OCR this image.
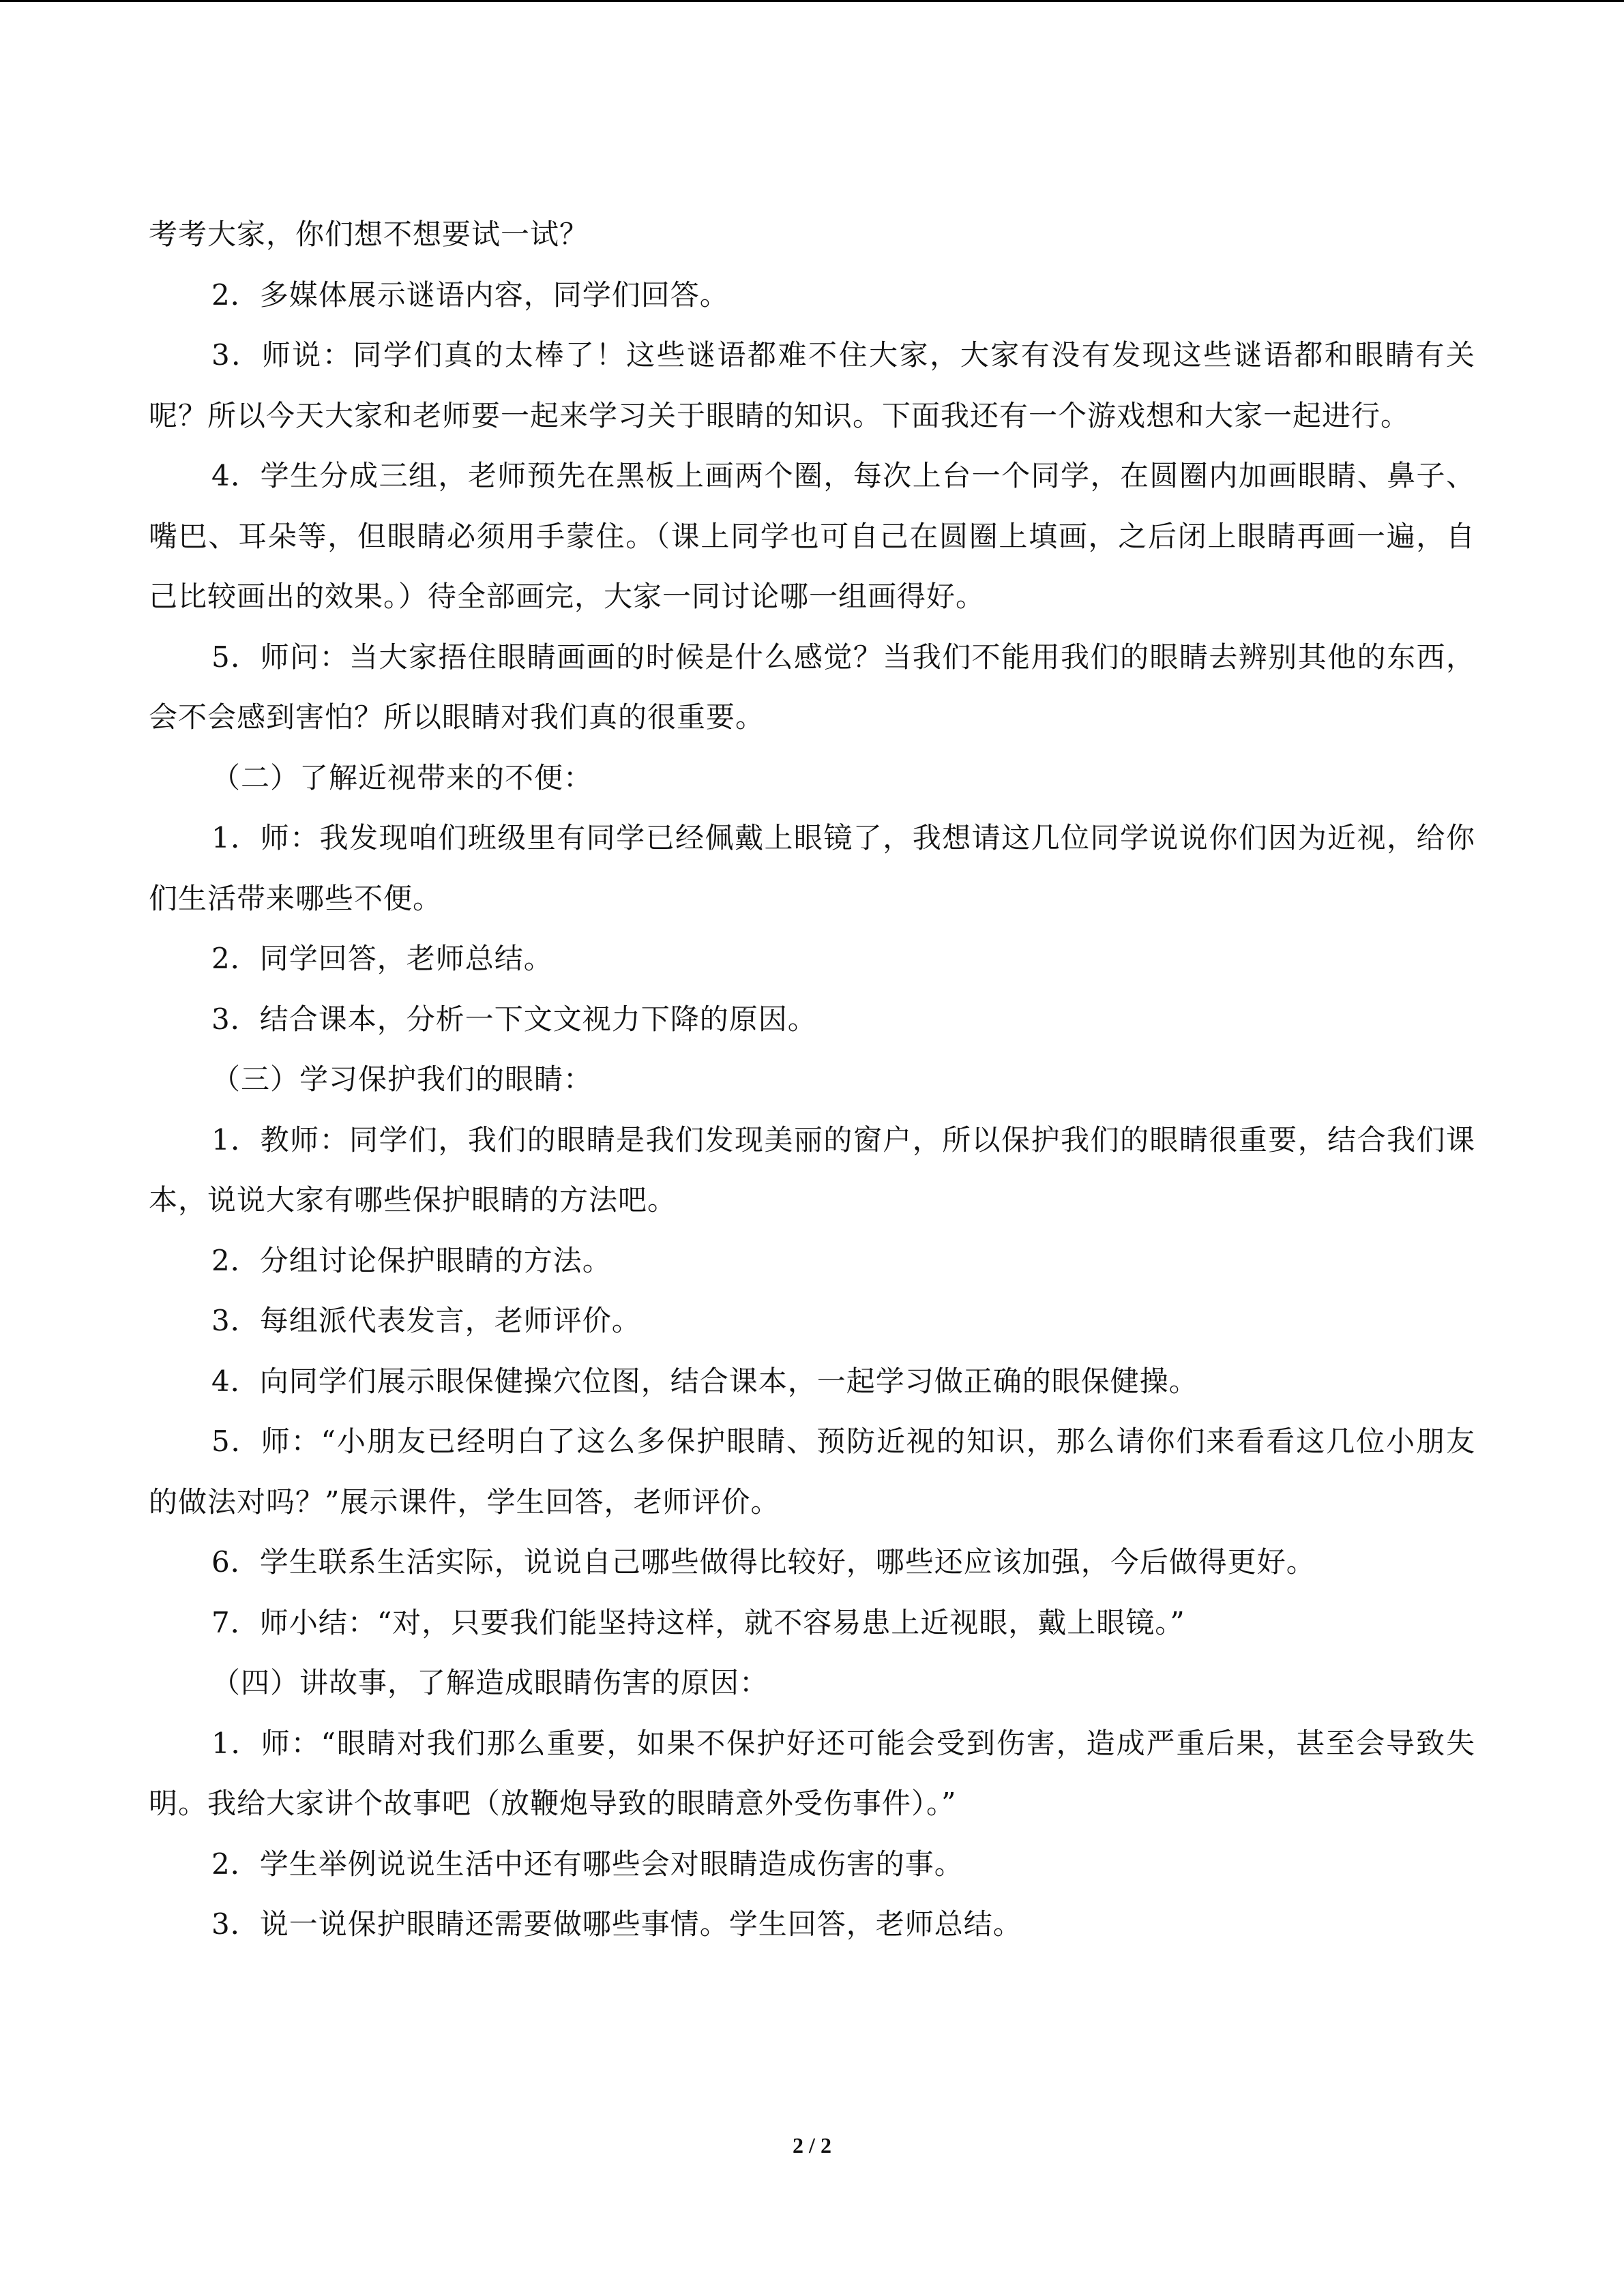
考考大家，你们想不想要试一试？

2．多媒体展示谜语内容，同学们回答。

3．师说：同学们真的太棒了！这些谜语都难不住大家，大家有没有发现这些谜语都和眼睛有关呢？所以今天大家和老师要一起来学习关于眼睛的知识。下面我还有一个游戏想和大家一起进行。

4．学生分成三组，老师预先在黑板上画两个圈，每次上台一个同学，在圆圈内加画眼睛、鼻子、嘴巴、耳朵等，但眼睛必须用手蒙住。（课上同学也可自己在圆圈上填画，之后闭上眼睛再画一遍，自己比较画出的效果。）待全部画完，大家一同讨论哪一组画得好。

5．师问：当大家捂住眼睛画画的时候是什么感觉？当我们不能用我们的眼睛去辨别其他的东西，会不会感到害怕？所以眼睛对我们真的很重要。

（二）了解近视带来的不便：

1．师：我发现咱们班级里有同学已经佩戴上眼镜了，我想请这几位同学说说你们因为近视，给你们生活带来哪些不便。

2．同学回答，老师总结。

3．结合课本，分析一下文文视力下降的原因。

（三）学习保护我们的眼睛：

1．教师：同学们，我们的眼睛是我们发现美丽的窗户，所以保护我们的眼睛很重要，结合我们课本，说说大家有哪些保护眼睛的方法吧。

2．分组讨论保护眼睛的方法。

3．每组派代表发言，老师评价。

4．向同学们展示眼保健操穴位图，结合课本，一起学习做正确的眼保健操。

5．师：“小朋友已经明白了这么多保护眼睛、预防近视的知识，那么请你们来看看这几位小朋友的做法对吗？”展示课件，学生回答，老师评价。

6．学生联系生活实际，说说自己哪些做得比较好，哪些还应该加强，今后做得更好。

7．师小结：“对，只要我们能坚持这样，就不容易患上近视眼，戴上眼镜。”

（四）讲故事，了解造成眼睛伤害的原因：

1．师：“眼睛对我们那么重要，如果不保护好还可能会受到伤害，造成严重后果，甚至会导致失明。我给大家讲个故事吧（放鞭炮导致的眼睛意外受伤事件）。”

2．学生举例说说生活中还有哪些会对眼睛造成伤害的事。

3．说一说保护眼睛还需要做哪些事情。学生回答，老师总结。

2 / 2
